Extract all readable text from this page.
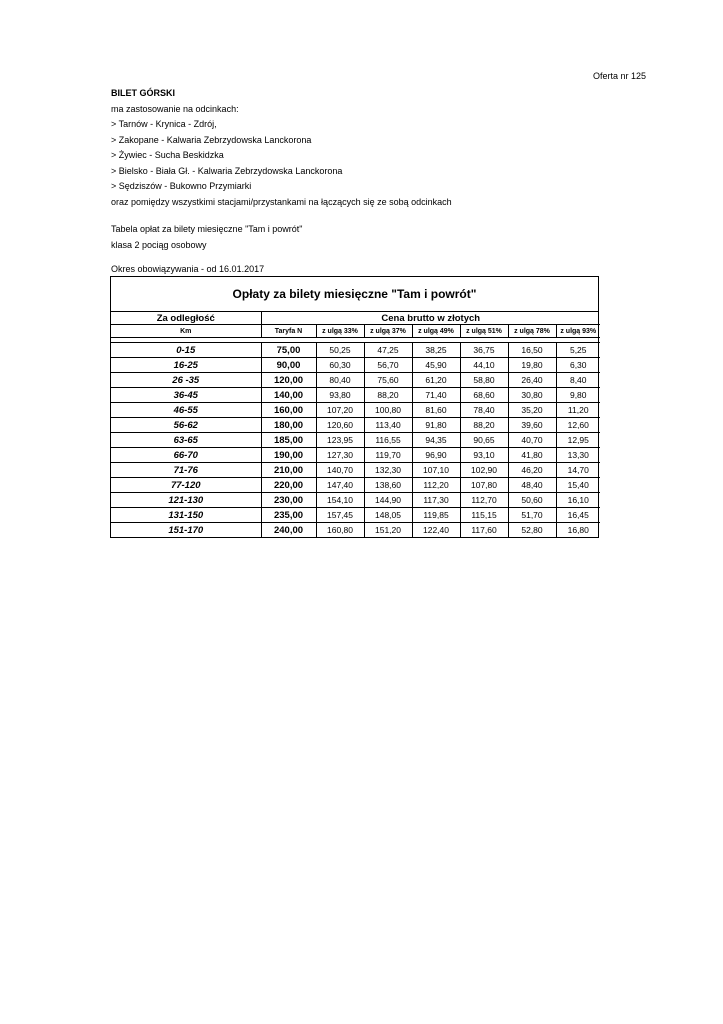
Oferta nr 125
BILET GÓRSKI
ma zastosowanie na odcinkach:
> Tarnów - Krynica - Zdrój,
> Zakopane - Kalwaria Zebrzydowska Lanckorona
> Żywiec - Sucha Beskidzka
> Bielsko - Biała Gł. - Kalwaria Zebrzydowska Lanckorona
> Sędziszów - Bukowno Przymiarki
oraz pomiędzy wszystkimi stacjami/przystankami na łączących się ze sobą odcinkach
Tabela opłat za bilety miesięczne "Tam i powrót"
klasa 2 pociąg osobowy
Okres obowiązywania - od 16.01.2017
Opłaty za bilety miesięczne "Tam i powrót"
Za odległość	Cena brutto w złotych						
Km	Taryfa N	z ulgą 33%	z ulgą 37%	z ulgą 49%	z ulgą 51%	z ulgą 78%	z ulgą 93%

0-15	75,00	50,25	47,25	38,25	36,75	16,50	5,25
16-25	90,00	60,30	56,70	45,90	44,10	19,80	6,30
26 -35	120,00	80,40	75,60	61,20	58,80	26,40	8,40
36-45	140,00	93,80	88,20	71,40	68,60	30,80	9,80
46-55	160,00	107,20	100,80	81,60	78,40	35,20	11,20
56-62	180,00	120,60	113,40	91,80	88,20	39,60	12,60
63-65	185,00	123,95	116,55	94,35	90,65	40,70	12,95
66-70	190,00	127,30	119,70	96,90	93,10	41,80	13,30
71-76	210,00	140,70	132,30	107,10	102,90	46,20	14,70
77-120	220,00	147,40	138,60	112,20	107,80	48,40	15,40
121-130	230,00	154,10	144,90	117,30	112,70	50,60	16,10
131-150	235,00	157,45	148,05	119,85	115,15	51,70	16,45
151-170	240,00	160,80	151,20	122,40	117,60	52,80	16,80
